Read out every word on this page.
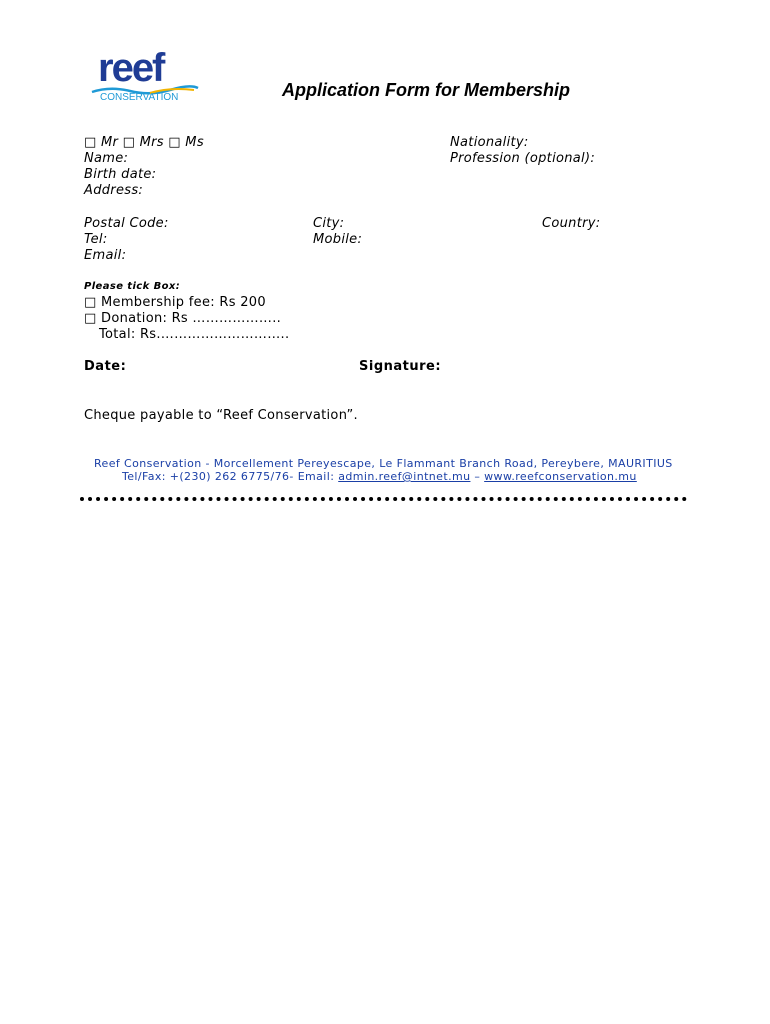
reef
CONSERVATION	Application Form for Membership
□ Mr □ Mrs □ Ms
Name:
Birth date:
Address:
Nationality:
Profession (optional):
Postal Code:	City:	Country:
Tel:	Mobile:
Email:
Please tick Box:
□ Membership fee: Rs 200
□ Donation: Rs ………………..
Total: Rs.………………………..
Date:	Signature:
Cheque payable to “Reef Conservation”.
Reef Conservation - Morcellement Pereyescape, Le Flammant Branch Road, Pereybere, MAURITIUS
Tel/Fax: +(230) 262 6775/76- Email: admin.reef@intnet.mu – www.reefconservation.mu
